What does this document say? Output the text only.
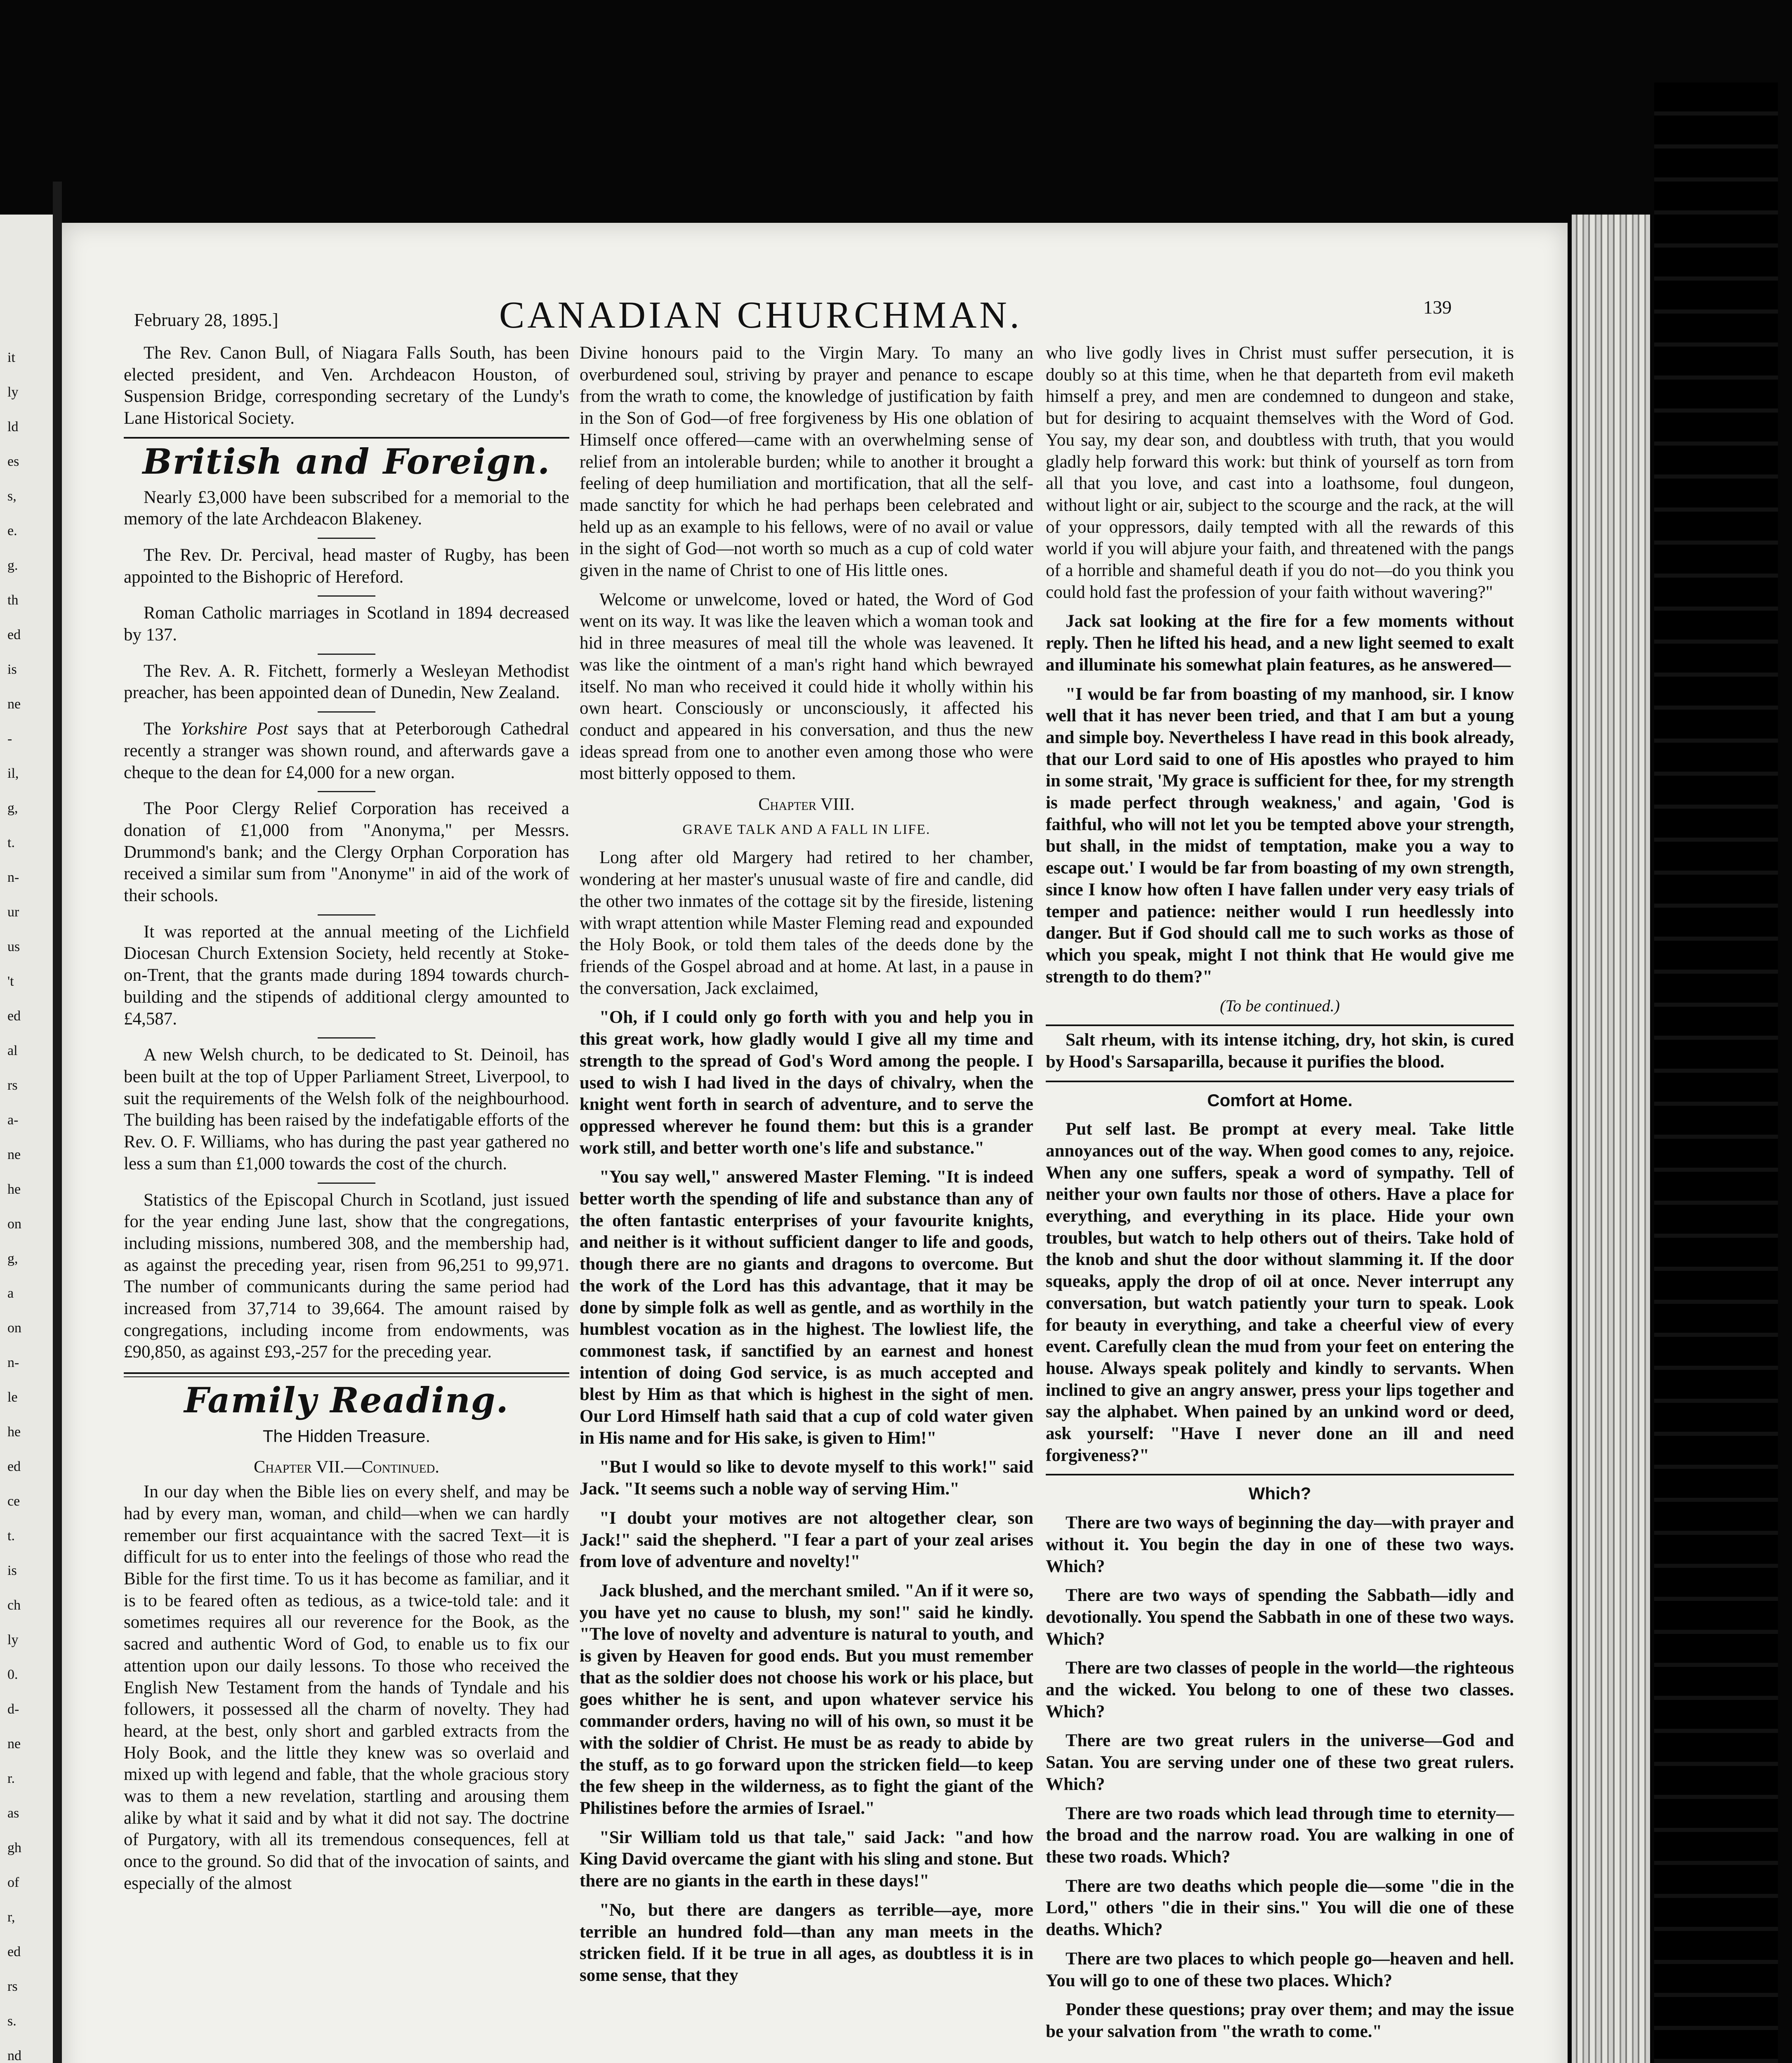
it
ly
ld
es
s,
e.
g.
th
ed
is
ne
-
il,
g,
t.
n-
ur
us
't
ed
al
rs
a-
ne
he
on
g,
a
on
n-
le
he
ed
ce
t.
is
ch
ly
0.
d-
ne
r.
as
gh
of
r,
ed
rs
s.
nd
February 28, 1895.]	CANADIAN CHURCHMAN.	139

The Rev. Canon Bull, of Niagara Falls South, has been elected president, and Ven. Archdeacon Houston, of Suspension Bridge, corresponding secretary of the Lundy's Lane Historical Society.

British and Foreign.

Nearly £3,000 have been subscribed for a memorial to the memory of the late Archdeacon Blakeney.

The Rev. Dr. Percival, head master of Rugby, has been appointed to the Bishopric of Hereford.

Roman Catholic marriages in Scotland in 1894 decreased by 137.

The Rev. A. R. Fitchett, formerly a Wesleyan Methodist preacher, has been appointed dean of Dunedin, New Zealand.

The Yorkshire Post says that at Peterborough Cathedral recently a stranger was shown round, and afterwards gave a cheque to the dean for £4,000 for a new organ.

The Poor Clergy Relief Corporation has received a donation of £1,000 from "Anonyma," per Messrs. Drummond's bank; and the Clergy Orphan Corporation has received a similar sum from "Anonyme" in aid of the work of their schools.

It was reported at the annual meeting of the Lichfield Diocesan Church Extension Society, held recently at Stoke-on-Trent, that the grants made during 1894 towards church-building and the stipends of additional clergy amounted to £4,587.

A new Welsh church, to be dedicated to St. Deinoil, has been built at the top of Upper Parliament Street, Liverpool, to suit the requirements of the Welsh folk of the neighbourhood. The building has been raised by the indefatigable efforts of the Rev. O. F. Williams, who has during the past year gathered no less a sum than £1,000 towards the cost of the church.

Statistics of the Episcopal Church in Scotland, just issued for the year ending June last, show that the congregations, including missions, numbered 308, and the membership had, as against the preceding year, risen from 96,251 to 99,971. The number of communicants during the same period had increased from 37,714 to 39,664. The amount raised by congregations, including income from endowments, was £90,850, as against £93,-257 for the preceding year.

Family Reading.
The Hidden Treasure.
Chapter VII.—Continued.

In our day when the Bible lies on every shelf, and may be had by every man, woman, and child—when we can hardly remember our first acquaintance with the sacred Text—it is difficult for us to enter into the feelings of those who read the Bible for the first time. To us it has become as familiar, and it is to be feared often as tedious, as a twice-told tale: and it sometimes requires all our reverence for the Book, as the sacred and authentic Word of God, to enable us to fix our attention upon our daily lessons. To those who received the English New Testament from the hands of Tyndale and his followers, it possessed all the charm of novelty. They had heard, at the best, only short and garbled extracts from the Holy Book, and the little they knew was so overlaid and mixed up with legend and fable, that the whole gracious story was to them a new revelation, startling and arousing them alike by what it said and by what it did not say. The doctrine of Purgatory, with all its tremendous consequences, fell at once to the ground. So did that of the invocation of saints, and especially of the almost

Divine honours paid to the Virgin Mary. To many an overburdened soul, striving by prayer and penance to escape from the wrath to come, the knowledge of justification by faith in the Son of God—of free forgiveness by His one oblation of Himself once offered—came with an overwhelming sense of relief from an intolerable burden; while to another it brought a feeling of deep humiliation and mortification, that all the self-made sanctity for which he had perhaps been celebrated and held up as an example to his fellows, were of no avail or value in the sight of God—not worth so much as a cup of cold water given in the name of Christ to one of His little ones.

Welcome or unwelcome, loved or hated, the Word of God went on its way. It was like the leaven which a woman took and hid in three measures of meal till the whole was leavened. It was like the ointment of a man's right hand which bewrayed itself. No man who received it could hide it wholly within his own heart. Consciously or unconsciously, it affected his conduct and appeared in his conversation, and thus the new ideas spread from one to another even among those who were most bitterly opposed to them.

Chapter VIII.
GRAVE TALK AND A FALL IN LIFE.

Long after old Margery had retired to her chamber, wondering at her master's unusual waste of fire and candle, did the other two inmates of the cottage sit by the fireside, listening with wrapt attention while Master Fleming read and expounded the Holy Book, or told them tales of the deeds done by the friends of the Gospel abroad and at home. At last, in a pause in the conversation, Jack exclaimed,

"Oh, if I could only go forth with you and help you in this great work, how gladly would I give all my time and strength to the spread of God's Word among the people. I used to wish I had lived in the days of chivalry, when the knight went forth in search of adventure, and to serve the oppressed wherever he found them: but this is a grander work still, and better worth one's life and substance."

"You say well," answered Master Fleming. "It is indeed better worth the spending of life and substance than any of the often fantastic enterprises of your favourite knights, and neither is it without sufficient danger to life and goods, though there are no giants and dragons to overcome. But the work of the Lord has this advantage, that it may be done by simple folk as well as gentle, and as worthily in the humblest vocation as in the highest. The lowliest life, the commonest task, if sanctified by an earnest and honest intention of doing God service, is as much accepted and blest by Him as that which is highest in the sight of men. Our Lord Himself hath said that a cup of cold water given in His name and for His sake, is given to Him!"

"But I would so like to devote myself to this work!" said Jack. "It seems such a noble way of serving Him."

"I doubt your motives are not altogether clear, son Jack!" said the shepherd. "I fear a part of your zeal arises from love of adventure and novelty!"

Jack blushed, and the merchant smiled. "An if it were so, you have yet no cause to blush, my son!" said he kindly. "The love of novelty and adventure is natural to youth, and is given by Heaven for good ends. But you must remember that as the soldier does not choose his work or his place, but goes whither he is sent, and upon whatever service his commander orders, having no will of his own, so must it be with the soldier of Christ. He must be as ready to abide by the stuff, as to go forward upon the stricken field—to keep the few sheep in the wilderness, as to fight the giant of the Philistines before the armies of Israel."

"Sir William told us that tale," said Jack: "and how King David overcame the giant with his sling and stone. But there are no giants in the earth in these days!"

"No, but there are dangers as terrible—aye, more terrible an hundred fold—than any man meets in the stricken field. If it be true in all ages, as doubtless it is in some sense, that they

who live godly lives in Christ must suffer persecution, it is doubly so at this time, when he that departeth from evil maketh himself a prey, and men are condemned to dungeon and stake, but for desiring to acquaint themselves with the Word of God. You say, my dear son, and doubtless with truth, that you would gladly help forward this work: but think of yourself as torn from all that you love, and cast into a loathsome, foul dungeon, without light or air, subject to the scourge and the rack, at the will of your oppressors, daily tempted with all the rewards of this world if you will abjure your faith, and threatened with the pangs of a horrible and shameful death if you do not—do you think you could hold fast the profession of your faith without wavering?"

Jack sat looking at the fire for a few moments without reply. Then he lifted his head, and a new light seemed to exalt and illuminate his somewhat plain features, as he answered—

"I would be far from boasting of my manhood, sir. I know well that it has never been tried, and that I am but a young and simple boy. Nevertheless I have read in this book already, that our Lord said to one of His apostles who prayed to him in some strait, 'My grace is sufficient for thee, for my strength is made perfect through weakness,' and again, 'God is faithful, who will not let you be tempted above your strength, but shall, in the midst of temptation, make you a way to escape out.' I would be far from boasting of my own strength, since I know how often I have fallen under very easy trials of temper and patience: neither would I run heedlessly into danger. But if God should call me to such works as those of which you speak, might I not think that He would give me strength to do them?"

(To be continued.)

Salt rheum, with its intense itching, dry, hot skin, is cured by Hood's Sarsaparilla, because it purifies the blood.

Comfort at Home.

Put self last. Be prompt at every meal. Take little annoyances out of the way. When good comes to any, rejoice. When any one suffers, speak a word of sympathy. Tell of neither your own faults nor those of others. Have a place for everything, and everything in its place. Hide your own troubles, but watch to help others out of theirs. Take hold of the knob and shut the door without slamming it. If the door squeaks, apply the drop of oil at once. Never interrupt any conversation, but watch patiently your turn to speak. Look for beauty in everything, and take a cheerful view of every event. Carefully clean the mud from your feet on entering the house. Always speak politely and kindly to servants. When inclined to give an angry answer, press your lips together and say the alphabet. When pained by an unkind word or deed, ask yourself: "Have I never done an ill and need forgiveness?"

Which?

There are two ways of beginning the day—with prayer and without it. You begin the day in one of these two ways. Which?

There are two ways of spending the Sabbath—idly and devotionally. You spend the Sabbath in one of these two ways. Which?

There are two classes of people in the world—the righteous and the wicked. You belong to one of these two classes. Which?

There are two great rulers in the universe—God and Satan. You are serving under one of these two great rulers. Which?

There are two roads which lead through time to eternity—the broad and the narrow road. You are walking in one of these two roads. Which?

There are two deaths which people die—some "die in the Lord," others "die in their sins." You will die one of these deaths. Which?

There are two places to which people go—heaven and hell. You will go to one of these two places. Which?

Ponder these questions; pray over them; and may the issue be your salvation from "the wrath to come."
